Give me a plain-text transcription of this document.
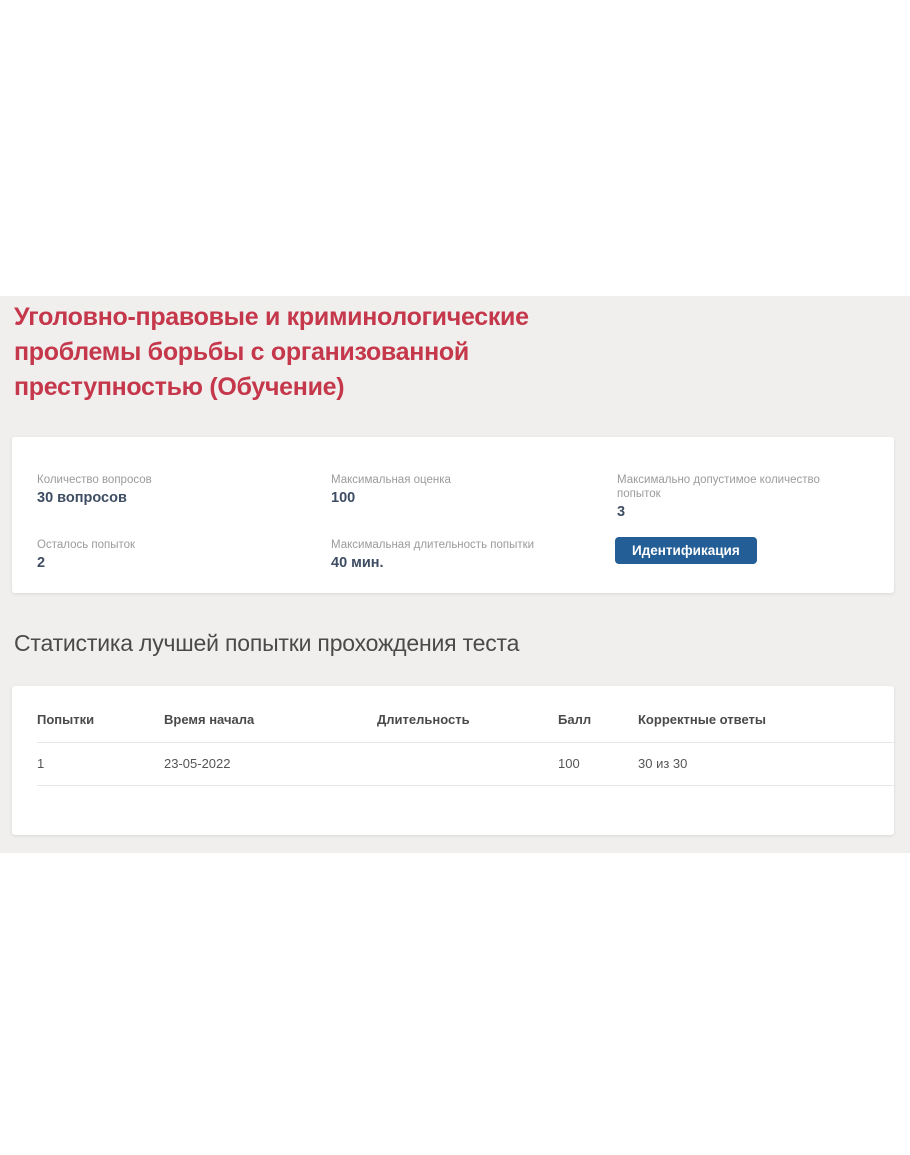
Уголовно-правовые и криминологические проблемы борьбы с организованной преступностью (Обучение)
Количество вопросов
30 вопросов
Максимальная оценка
100
Максимально допустимое количество попыток
3
Осталось попыток
2
Максимальная длительность попытки
40 мин.
Идентификация
Статистика лучшей попытки прохождения теста
Попытки	Время начала	Длительность	Балл	Корректные ответы
1	23-05-2022		100	30 из 30
